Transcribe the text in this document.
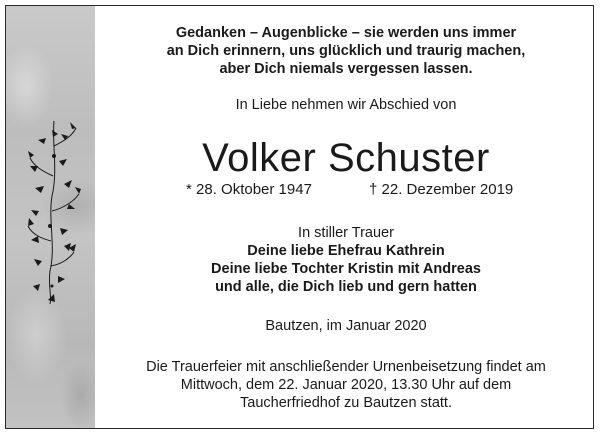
Gedanken – Augenblicke – sie werden uns immer
an Dich erinnern, uns glücklich und traurig machen,
aber Dich niemals vergessen lassen.
In Liebe nehmen wir Abschied von
Volker Schuster
* 28. Oktober 1947	† 22. Dezember 2019
In stiller Trauer
Deine liebe Ehefrau Kathrein
Deine liebe Tochter Kristin mit Andreas
und alle, die Dich lieb und gern hatten
Bautzen, im Januar 2020
Die Trauerfeier mit anschließender Urnenbeisetzung findet am
Mittwoch, dem 22. Januar 2020, 13.30 Uhr auf dem
Taucherfriedhof zu Bautzen statt.
